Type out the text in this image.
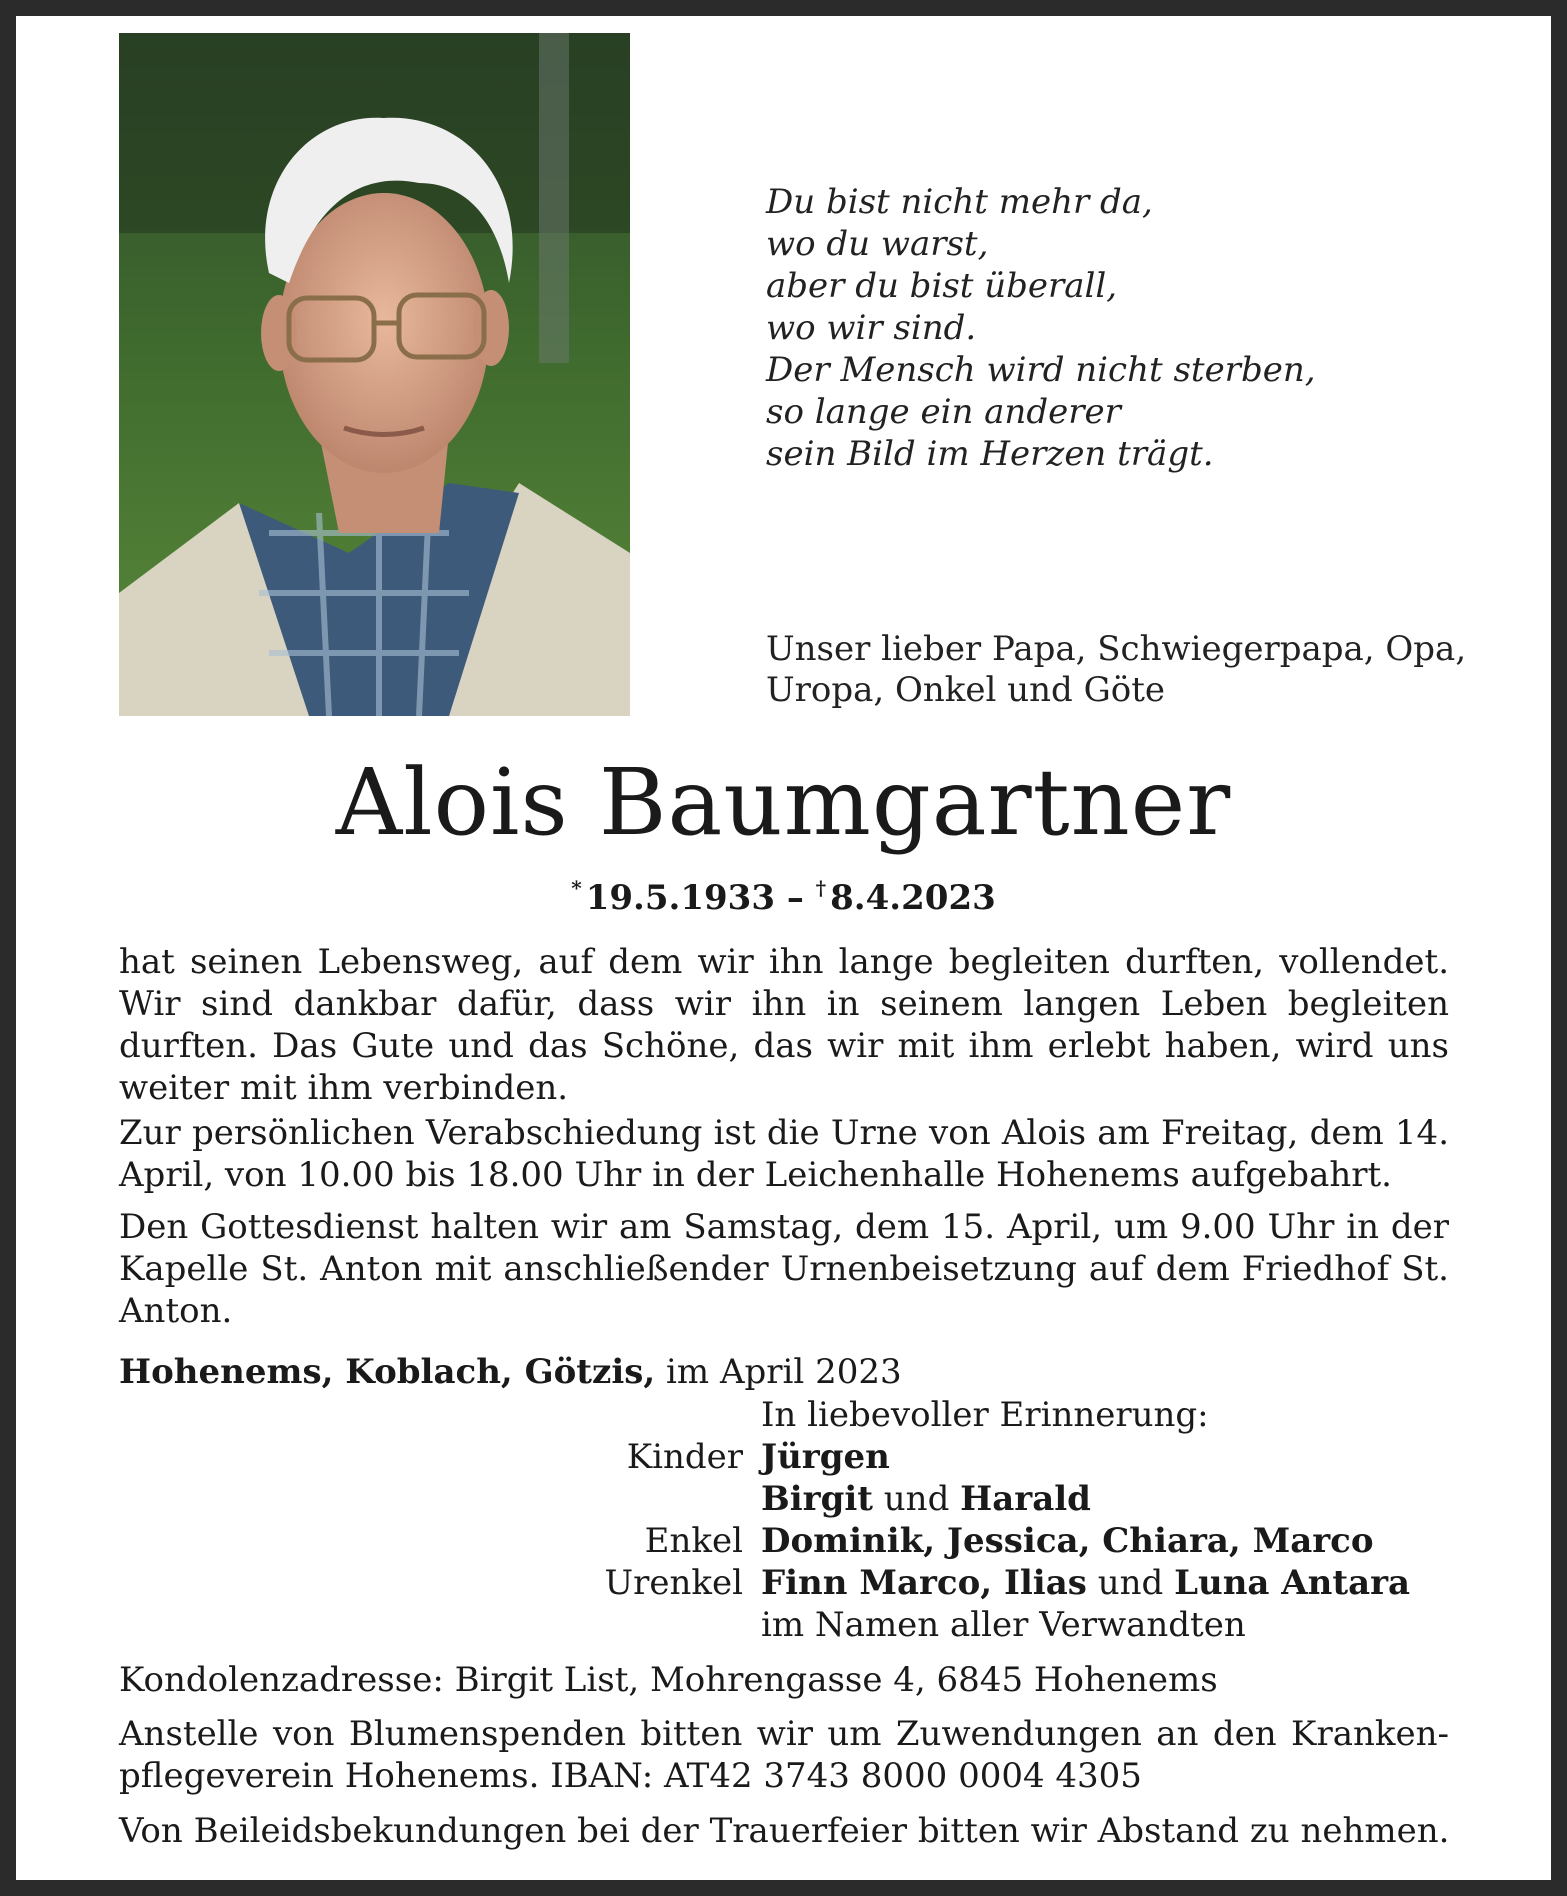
Du bist nicht mehr da,
wo du warst,
aber du bist überall,
wo wir sind.
Der Mensch wird nicht sterben,
so lange ein anderer
sein Bild im Herzen trägt.
Unser lieber Papa, Schwiegerpapa, Opa,
Uropa, Onkel und Göte
Alois Baumgartner
* 19.5.1933 – † 8.4.2023
hat seinen Lebensweg, auf dem wir ihn lange begleiten durften, vollendet. Wir sind dankbar dafür, dass wir ihn in seinem langen Leben begleiten durften. Das Gute und das Schöne, das wir mit ihm erlebt haben, wird uns weiter mit ihm verbinden.
Zur persönlichen Verabschiedung ist die Urne von Alois am Freitag, dem 14. April, von 10.00 bis 18.00 Uhr in der Leichenhalle Hohenems aufgebahrt.
Den Gottesdienst halten wir am Samstag, dem 15. April, um 9.00 Uhr in der Kapelle St. Anton mit anschließender Urnenbeisetzung auf dem Friedhof St. Anton.
Hohenems, Koblach, Götzis, im April 2023
In liebevoller Erinnerung:
Kinder Jürgen
Birgit und Harald
Enkel Dominik, Jessica, Chiara, Marco
Urenkel Finn Marco, Ilias und Luna Antara
im Namen aller Verwandten
Kondolenzadresse: Birgit List, Mohrengasse 4, 6845 Hohenems
Anstelle von Blumenspenden bitten wir um Zuwendungen an den Kranken-pflegeverein Hohenems. IBAN: AT42 3743 8000 0004 4305
Von Beileidsbekundungen bei der Trauerfeier bitten wir Abstand zu nehmen.
